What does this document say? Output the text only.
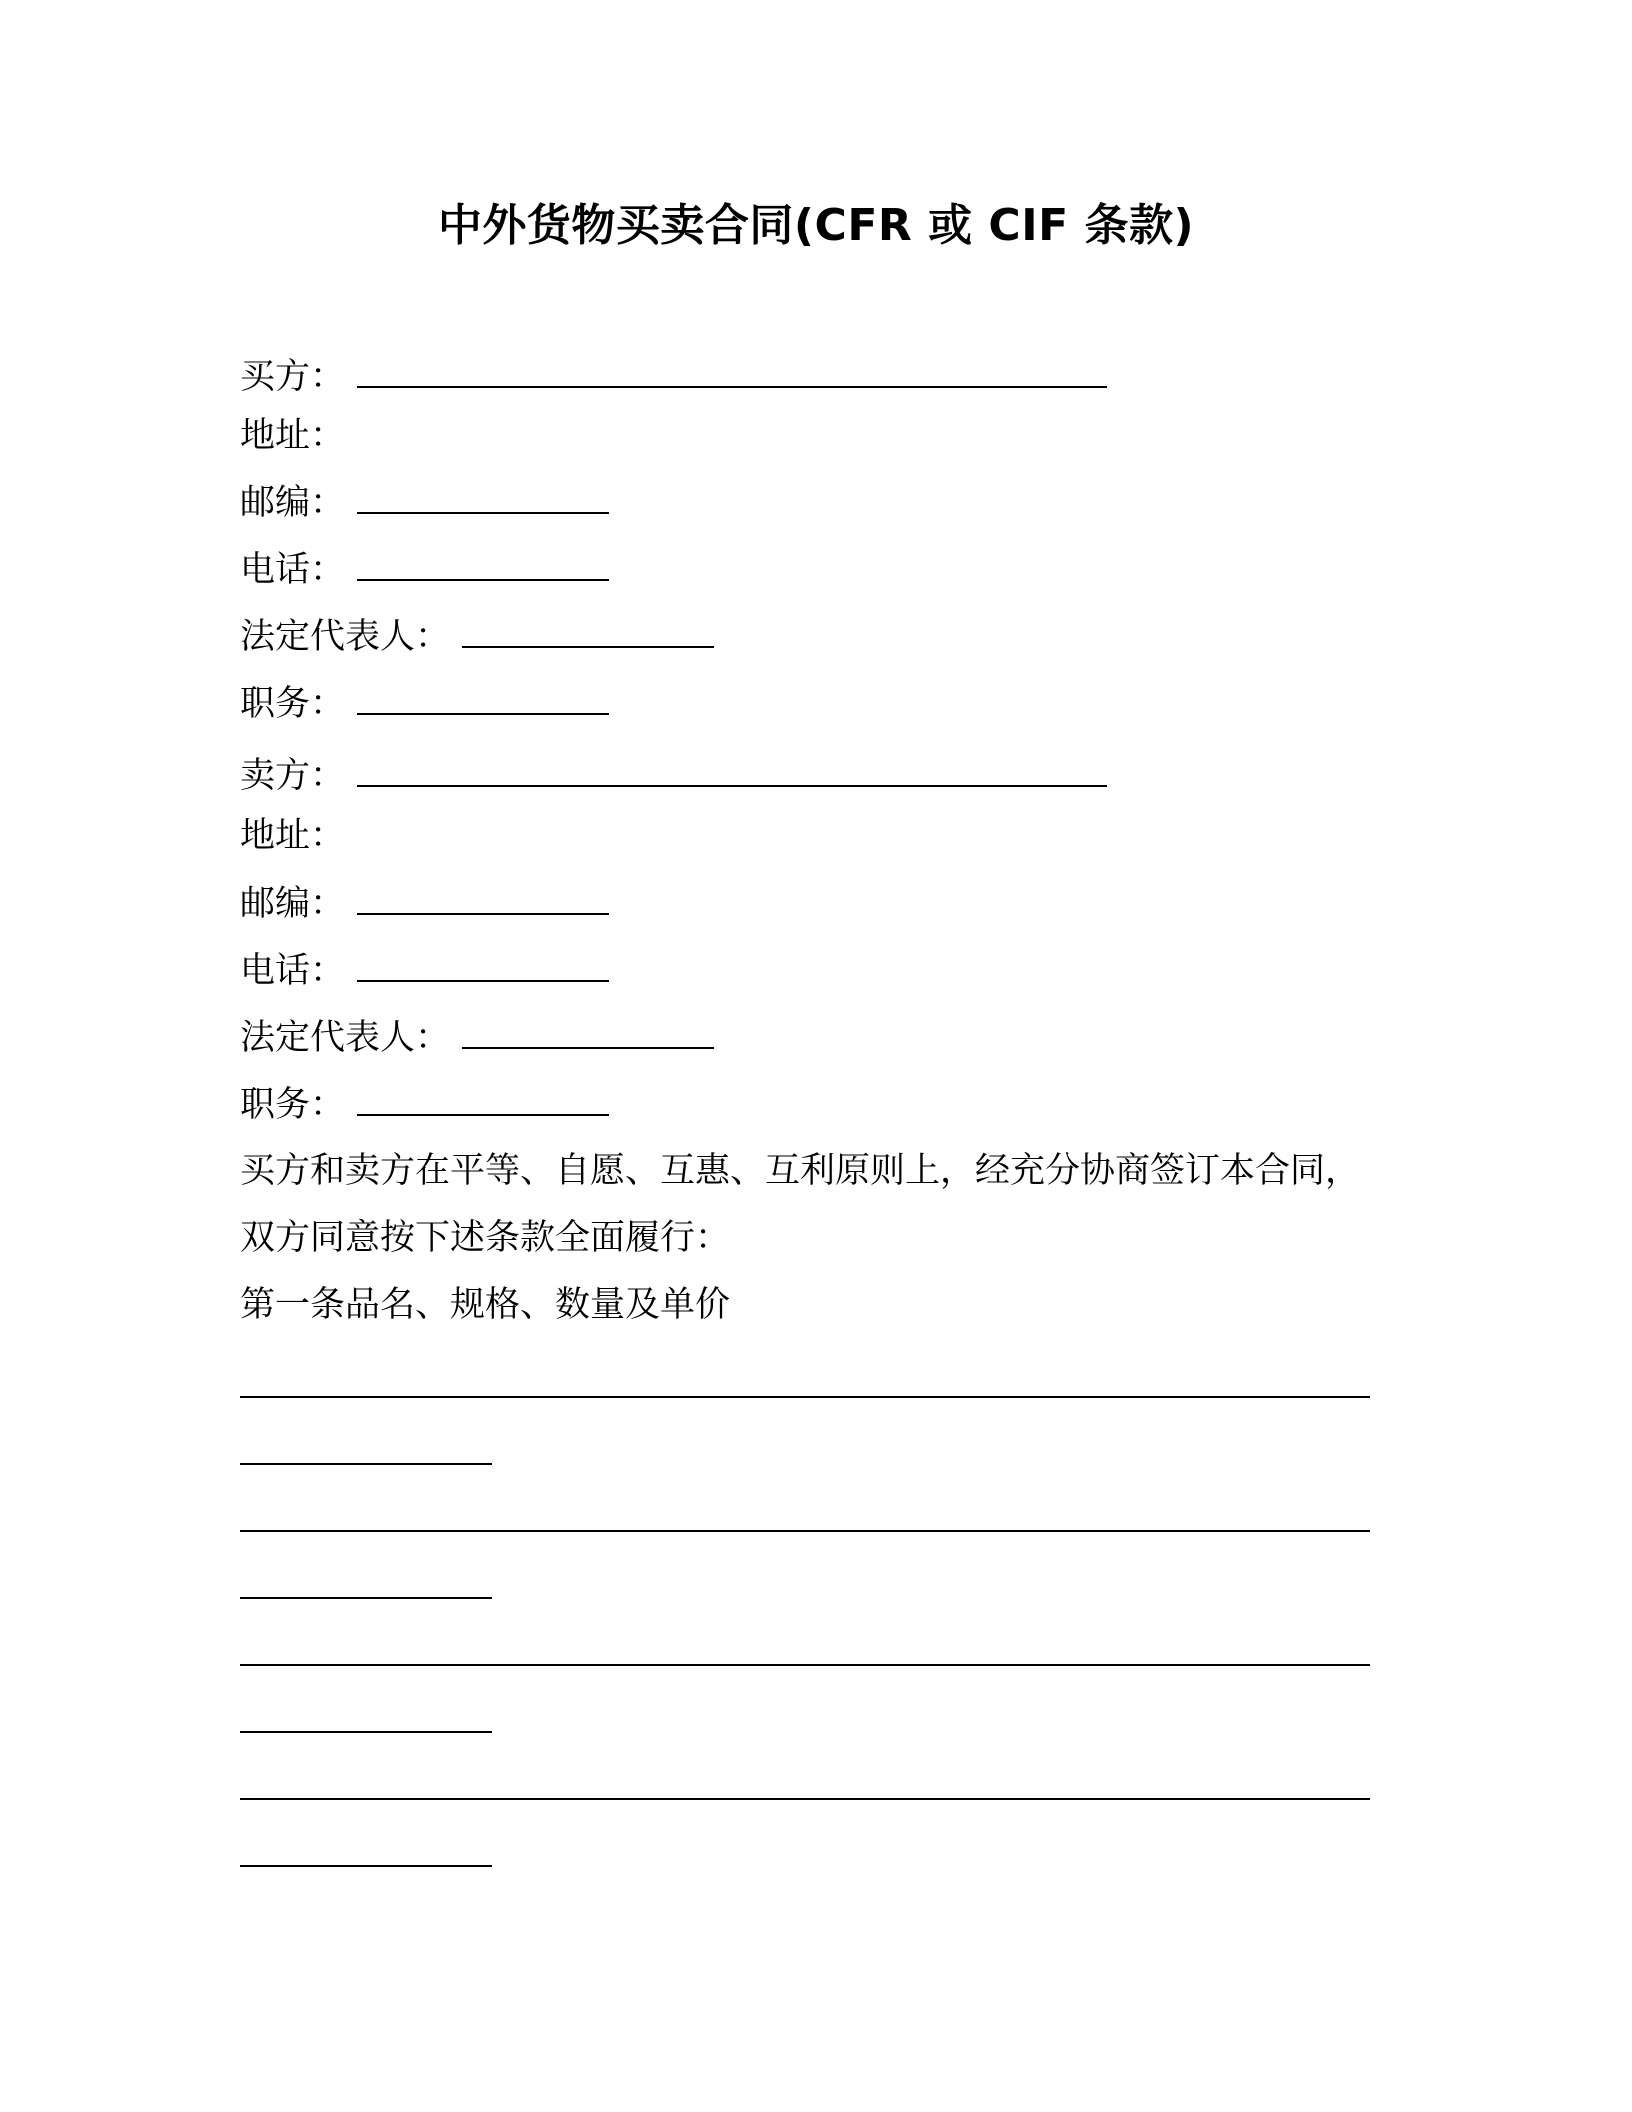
中外货物买卖合同(CFR 或 CIF 条款)
买方：
地址：
邮编：
电话：
法定代表人：
职务：
卖方：
地址：
邮编：
电话：
法定代表人：
职务：
买方和卖方在平等、自愿、互惠、互利原则上，经充分协商签订本合同，
双方同意按下述条款全面履行：
第一条品名、规格、数量及单价
